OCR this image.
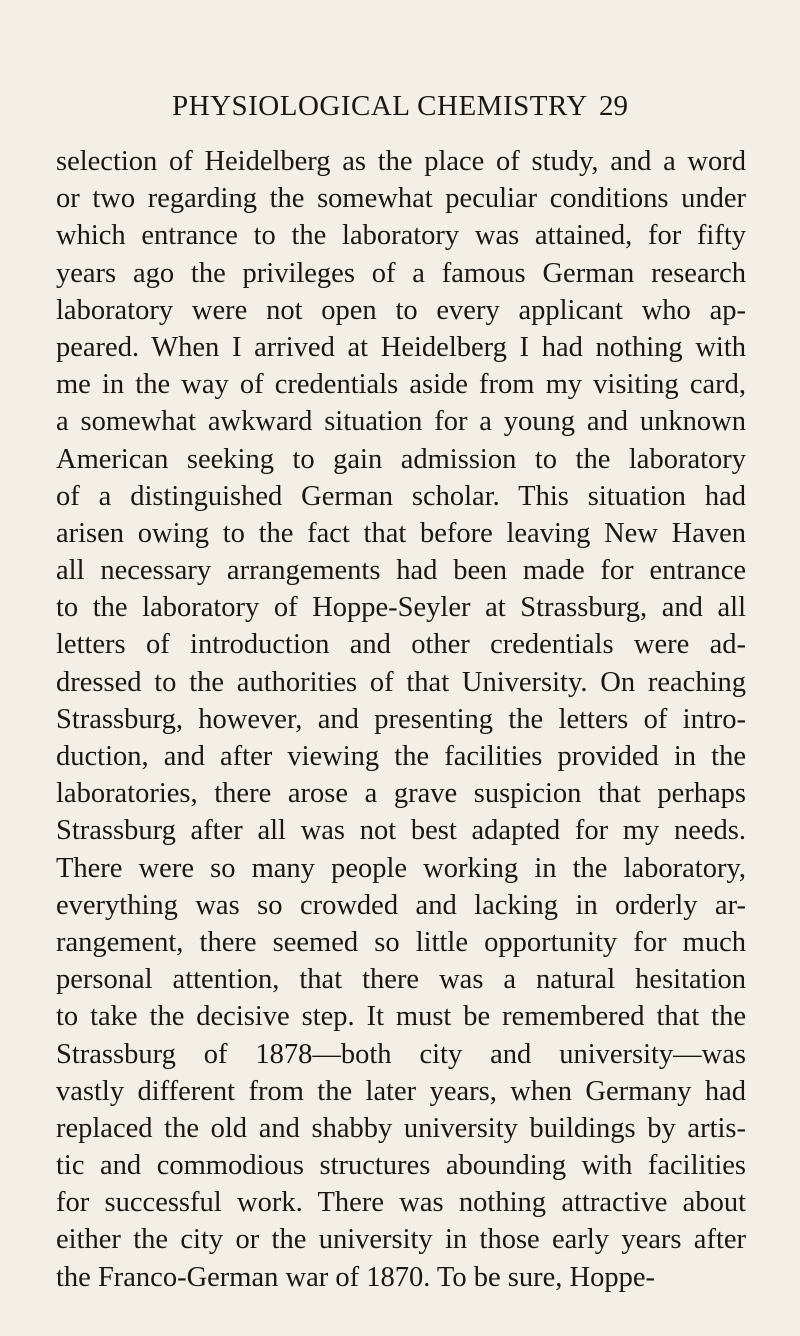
PHYSIOLOGICAL CHEMISTRY 29
selection of Heidelberg as the place of study, and a word
or two regarding the somewhat peculiar conditions under
which entrance to the laboratory was attained, for fifty
years ago the privileges of a famous German research
laboratory were not open to every applicant who ap-
peared. When I arrived at Heidelberg I had nothing with
me in the way of credentials aside from my visiting card,
a somewhat awkward situation for a young and unknown
American seeking to gain admission to the laboratory
of a distinguished German scholar. This situation had
arisen owing to the fact that before leaving New Haven
all necessary arrangements had been made for entrance
to the laboratory of Hoppe-Seyler at Strassburg, and all
letters of introduction and other credentials were ad-
dressed to the authorities of that University. On reaching
Strassburg, however, and presenting the letters of intro-
duction, and after viewing the facilities provided in the
laboratories, there arose a grave suspicion that perhaps
Strassburg after all was not best adapted for my needs.
There were so many people working in the laboratory,
everything was so crowded and lacking in orderly ar-
rangement, there seemed so little opportunity for much
personal attention, that there was a natural hesitation
to take the decisive step. It must be remembered that the
Strassburg of 1878—both city and university—was
vastly different from the later years, when Germany had
replaced the old and shabby university buildings by artis-
tic and commodious structures abounding with facilities
for successful work. There was nothing attractive about
either the city or the university in those early years after
the Franco-German war of 1870. To be sure, Hoppe-
